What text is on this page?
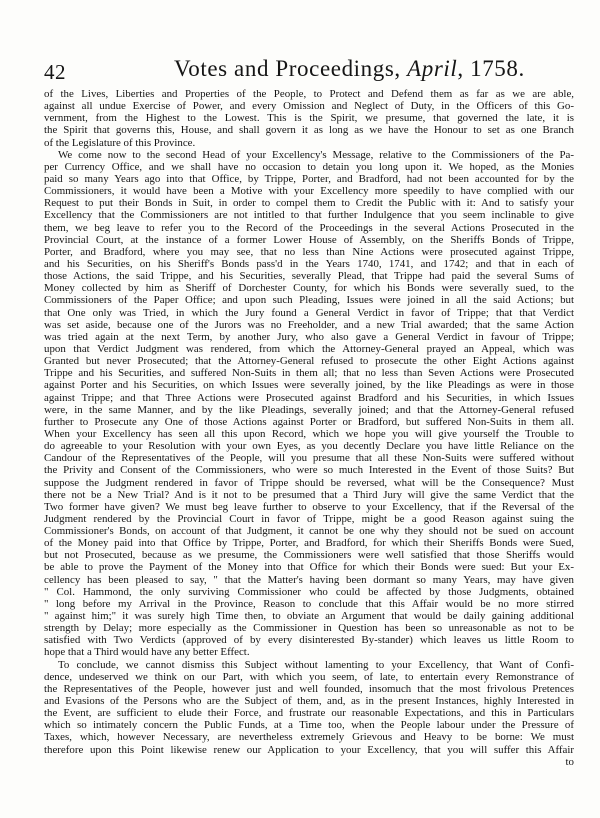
42	Votes and Proceedings, April, 1758.
of the Lives, Liberties and Properties of the People, to Protect and Defend them as far as we are able,
against all undue Exercise of Power, and every Omission and Neglect of Duty, in the Officers of this Go-
vernment, from the Highest to the Lowest. This is the Spirit, we presume, that governed the late, it is
the Spirit that governs this, House, and shall govern it as long as we have the Honour to set as one Branch
of the Legislature of this Province.
We come now to the second Head of your Excellency's Message, relative to the Commissioners of the Pa-
per Currency Office, and we shall have no occasion to detain you long upon it. We hoped, as the Monies
paid so many Years ago into that Office, by Trippe, Porter, and Bradford, had not been accounted for by the
Commissioners, it would have been a Motive with your Excellency more speedily to have complied with our
Request to put their Bonds in Suit, in order to compel them to Credit the Public with it: And to satisfy your
Excellency that the Commissioners are not intitled to that further Indulgence that you seem inclinable to give
them, we beg leave to refer you to the Record of the Proceedings in the several Actions Prosecuted in the
Provincial Court, at the instance of a former Lower House of Assembly, on the Sheriffs Bonds of Trippe,
Porter, and Bradford, where you may see, that no less than Nine Actions were prosecuted against Trippe,
and his Securities, on his Sheriff's Bonds pass'd in the Years 1740, 1741, and 1742; and that in each of
those Actions, the said Trippe, and his Securities, severally Plead, that Trippe had paid the several Sums of
Money collected by him as Sheriff of Dorchester County, for which his Bonds were severally sued, to the
Commissioners of the Paper Office; and upon such Pleading, Issues were joined in all the said Actions; but
that One only was Tried, in which the Jury found a General Verdict in favor of Trippe; that that Verdict
was set aside, because one of the Jurors was no Freeholder, and a new Trial awarded; that the same Action
was tried again at the next Term, by another Jury, who also gave a General Verdict in favour of Trippe;
upon that Verdict Judgment was rendered, from which the Attorney-General prayed an Appeal, which was
Granted but never Prosecuted; that the Attorney-General refused to prosecute the other Eight Actions against
Trippe and his Securities, and suffered Non-Suits in them all; that no less than Seven Actions were Prosecuted
against Porter and his Securities, on which Issues were severally joined, by the like Pleadings as were in those
against Trippe; and that Three Actions were Prosecuted against Bradford and his Securities, in which Issues
were, in the same Manner, and by the like Pleadings, severally joined; and that the Attorney-General refused
further to Prosecute any One of those Actions against Porter or Bradford, but suffered Non-Suits in them all.
When your Excellency has seen all this upon Record, which we hope you will give yourself the Trouble to
do agreeable to your Resolution with your own Eyes, as you decently Declare you have little Reliance on the
Candour of the Representatives of the People, will you presume that all these Non-Suits were suffered without
the Privity and Consent of the Commissioners, who were so much Interested in the Event of those Suits? But
suppose the Judgment rendered in favor of Trippe should be reversed, what will be the Consequence? Must
there not be a New Trial? And is it not to be presumed that a Third Jury will give the same Verdict that the
Two former have given? We must beg leave further to observe to your Excellency, that if the Reversal of the
Judgment rendered by the Provincial Court in favor of Trippe, might be a good Reason against suing the
Commissioner's Bonds, on account of that Judgment, it cannot be one why they should not be sued on account
of the Money paid into that Office by Trippe, Porter, and Bradford, for which their Sheriffs Bonds were Sued,
but not Prosecuted, because as we presume, the Commissioners were well satisfied that those Sheriffs would
be able to prove the Payment of the Money into that Office for which their Bonds were sued: But your Ex-
cellency has been pleased to say, " that the Matter's having been dormant so many Years, may have given
" Col. Hammond, the only surviving Commissioner who could be affected by those Judgments, obtained
" long before my Arrival in the Province, Reason to conclude that this Affair would be no more stirred
" against him;" it was surely high Time then, to obviate an Argument that would be daily gaining additional
strength by Delay; more especially as the Commissioner in Question has been so unreasonable as not to be
satisfied with Two Verdicts (approved of by every disinterested By-stander) which leaves us little Room to
hope that a Third would have any better Effect.
To conclude, we cannot dismiss this Subject without lamenting to your Excellency, that Want of Confi-
dence, undeserved we think on our Part, with which you seem, of late, to entertain every Remonstrance of
the Representatives of the People, however just and well founded, insomuch that the most frivolous Pretences
and Evasions of the Persons who are the Subject of them, and, as in the present Instances, highly Interested in
the Event, are sufficient to elude their Force, and frustrate our reasonable Expectations, and this in Particulars
which so intimately concern the Public Funds, at a Time too, when the People labour under the Pressure of
Taxes, which, however Necessary, are nevertheless extremely Grievous and Heavy to be borne: We must
therefore upon this Point likewise renew our Application to your Excellency, that you will suffer this Affair
to
